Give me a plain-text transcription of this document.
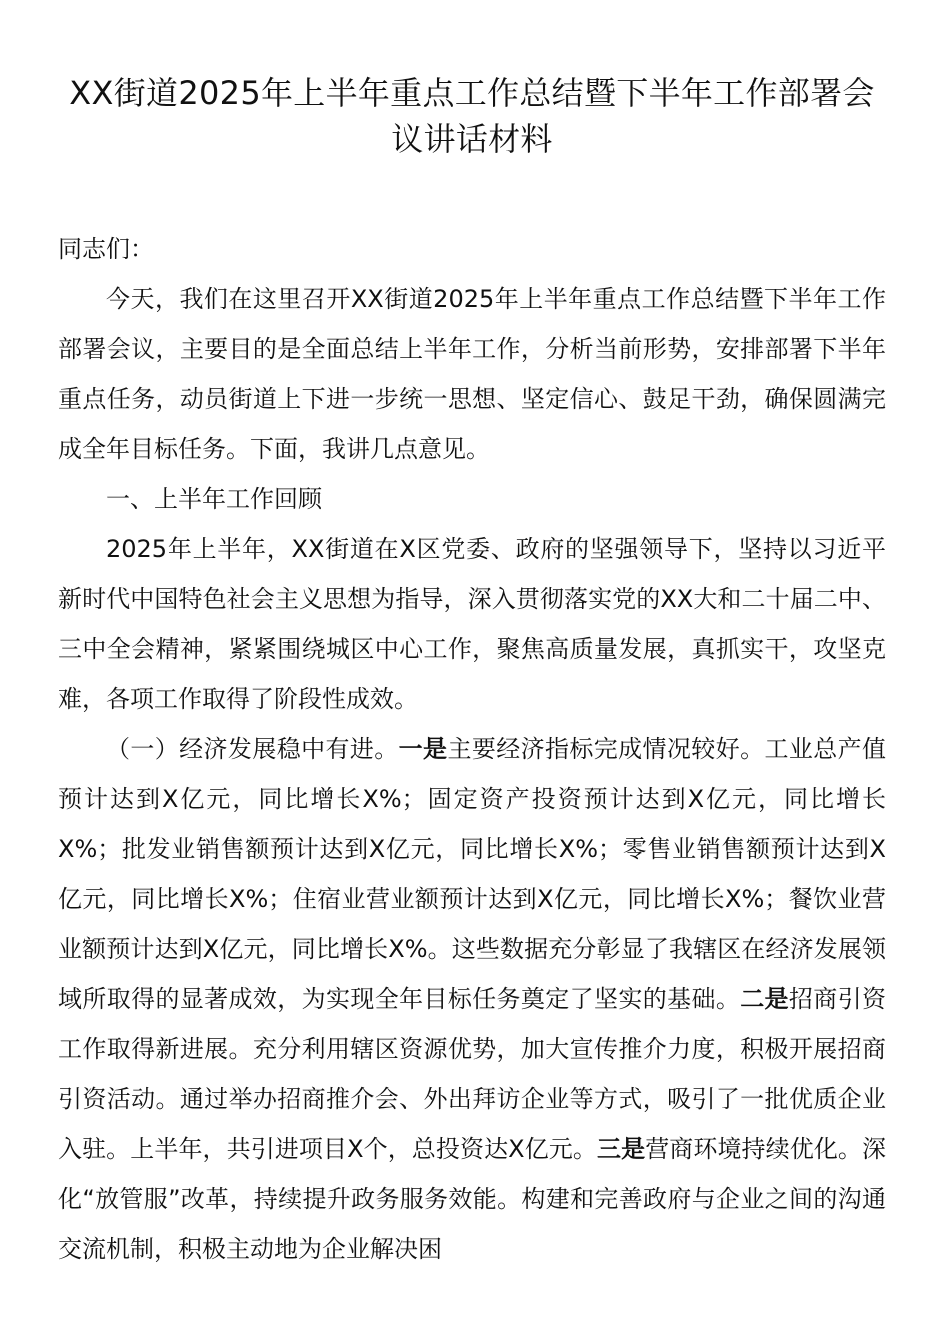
XX街道2025年上半年重点工作总结暨下半年工作部署会议讲话材料

同志们：

今天，我们在这里召开XX街道2025年上半年重点工作总结暨下半年工作部署会议，主要目的是全面总结上半年工作，分析当前形势，安排部署下半年重点任务，动员街道上下进一步统一思想、坚定信心、鼓足干劲，确保圆满完成全年目标任务。下面，我讲几点意见。

一、上半年工作回顾

2025年上半年，XX街道在X区党委、政府的坚强领导下，坚持以习近平新时代中国特色社会主义思想为指导，深入贯彻落实党的XX大和二十届二中、三中全会精神，紧紧围绕城区中心工作，聚焦高质量发展，真抓实干，攻坚克难，各项工作取得了阶段性成效。

（一）经济发展稳中有进。一是主要经济指标完成情况较好。工业总产值预计达到X亿元，同比增长X%；固定资产投资预计达到X亿元，同比增长X%；批发业销售额预计达到X亿元，同比增长X%；零售业销售额预计达到X亿元，同比增长X%；住宿业营业额预计达到X亿元，同比增长X%；餐饮业营业额预计达到X亿元，同比增长X%。这些数据充分彰显了我辖区在经济发展领域所取得的显著成效，为实现全年目标任务奠定了坚实的基础。二是招商引资工作取得新进展。充分利用辖区资源优势，加大宣传推介力度，积极开展招商引资活动。通过举办招商推介会、外出拜访企业等方式，吸引了一批优质企业入驻。上半年，共引进项目X个，总投资达X亿元。三是营商环境持续优化。深化“放管服”改革，持续提升政务服务效能。构建和完善政府与企业之间的沟通交流机制，积极主动地为企业解决困
